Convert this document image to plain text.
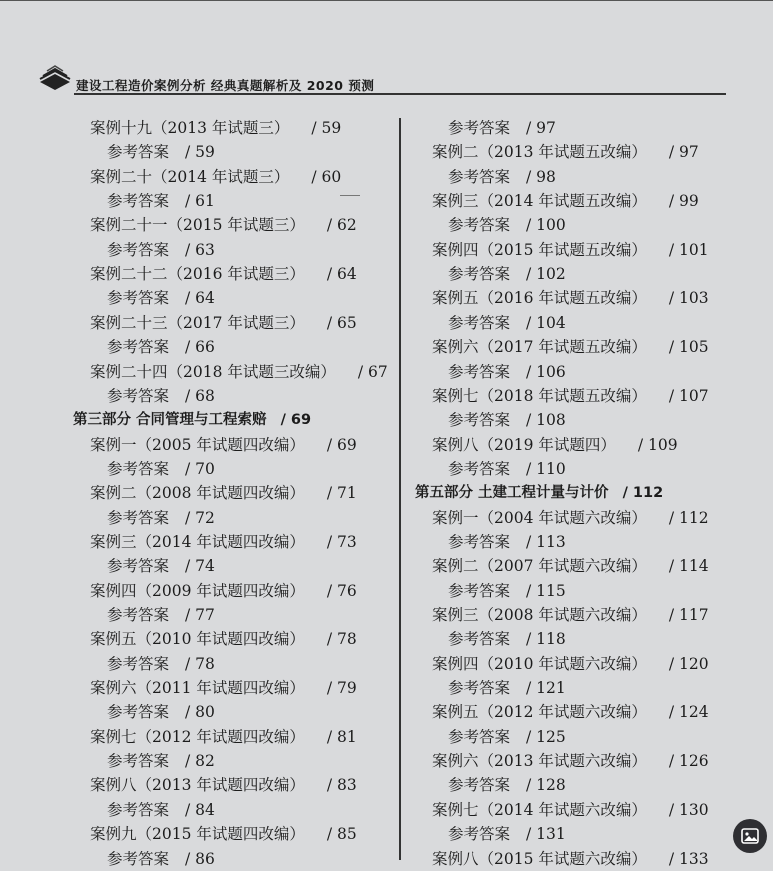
建设工程造价案例分析 经典真题解析及 2020 预测
案例十九（2013 年试题三） / 59
参考答案 / 59
案例二十（2014 年试题三） / 60
参考答案 / 61
案例二十一（2015 年试题三） / 62
参考答案 / 63
案例二十二（2016 年试题三） / 64
参考答案 / 64
案例二十三（2017 年试题三） / 65
参考答案 / 66
案例二十四（2018 年试题三改编） / 67
参考答案 / 68
第三部分 合同管理与工程索赔 / 69
案例一（2005 年试题四改编） / 69
参考答案 / 70
案例二（2008 年试题四改编） / 71
参考答案 / 72
案例三（2014 年试题四改编） / 73
参考答案 / 74
案例四（2009 年试题四改编） / 76
参考答案 / 77
案例五（2010 年试题四改编） / 78
参考答案 / 78
案例六（2011 年试题四改编） / 79
参考答案 / 80
案例七（2012 年试题四改编） / 81
参考答案 / 82
案例八（2013 年试题四改编） / 83
参考答案 / 84
案例九（2015 年试题四改编） / 85
参考答案 / 86
参考答案 / 97
案例二（2013 年试题五改编） / 97
参考答案 / 98
案例三（2014 年试题五改编） / 99
参考答案 / 100
案例四（2015 年试题五改编） / 101
参考答案 / 102
案例五（2016 年试题五改编） / 103
参考答案 / 104
案例六（2017 年试题五改编） / 105
参考答案 / 106
案例七（2018 年试题五改编） / 107
参考答案 / 108
案例八（2019 年试题四） / 109
参考答案 / 110
第五部分 土建工程计量与计价 / 112
案例一（2004 年试题六改编） / 112
参考答案 / 113
案例二（2007 年试题六改编） / 114
参考答案 / 115
案例三（2008 年试题六改编） / 117
参考答案 / 118
案例四（2010 年试题六改编） / 120
参考答案 / 121
案例五（2012 年试题六改编） / 124
参考答案 / 125
案例六（2013 年试题六改编） / 126
参考答案 / 128
案例七（2014 年试题六改编） / 130
参考答案 / 131
案例八（2015 年试题六改编） / 133
